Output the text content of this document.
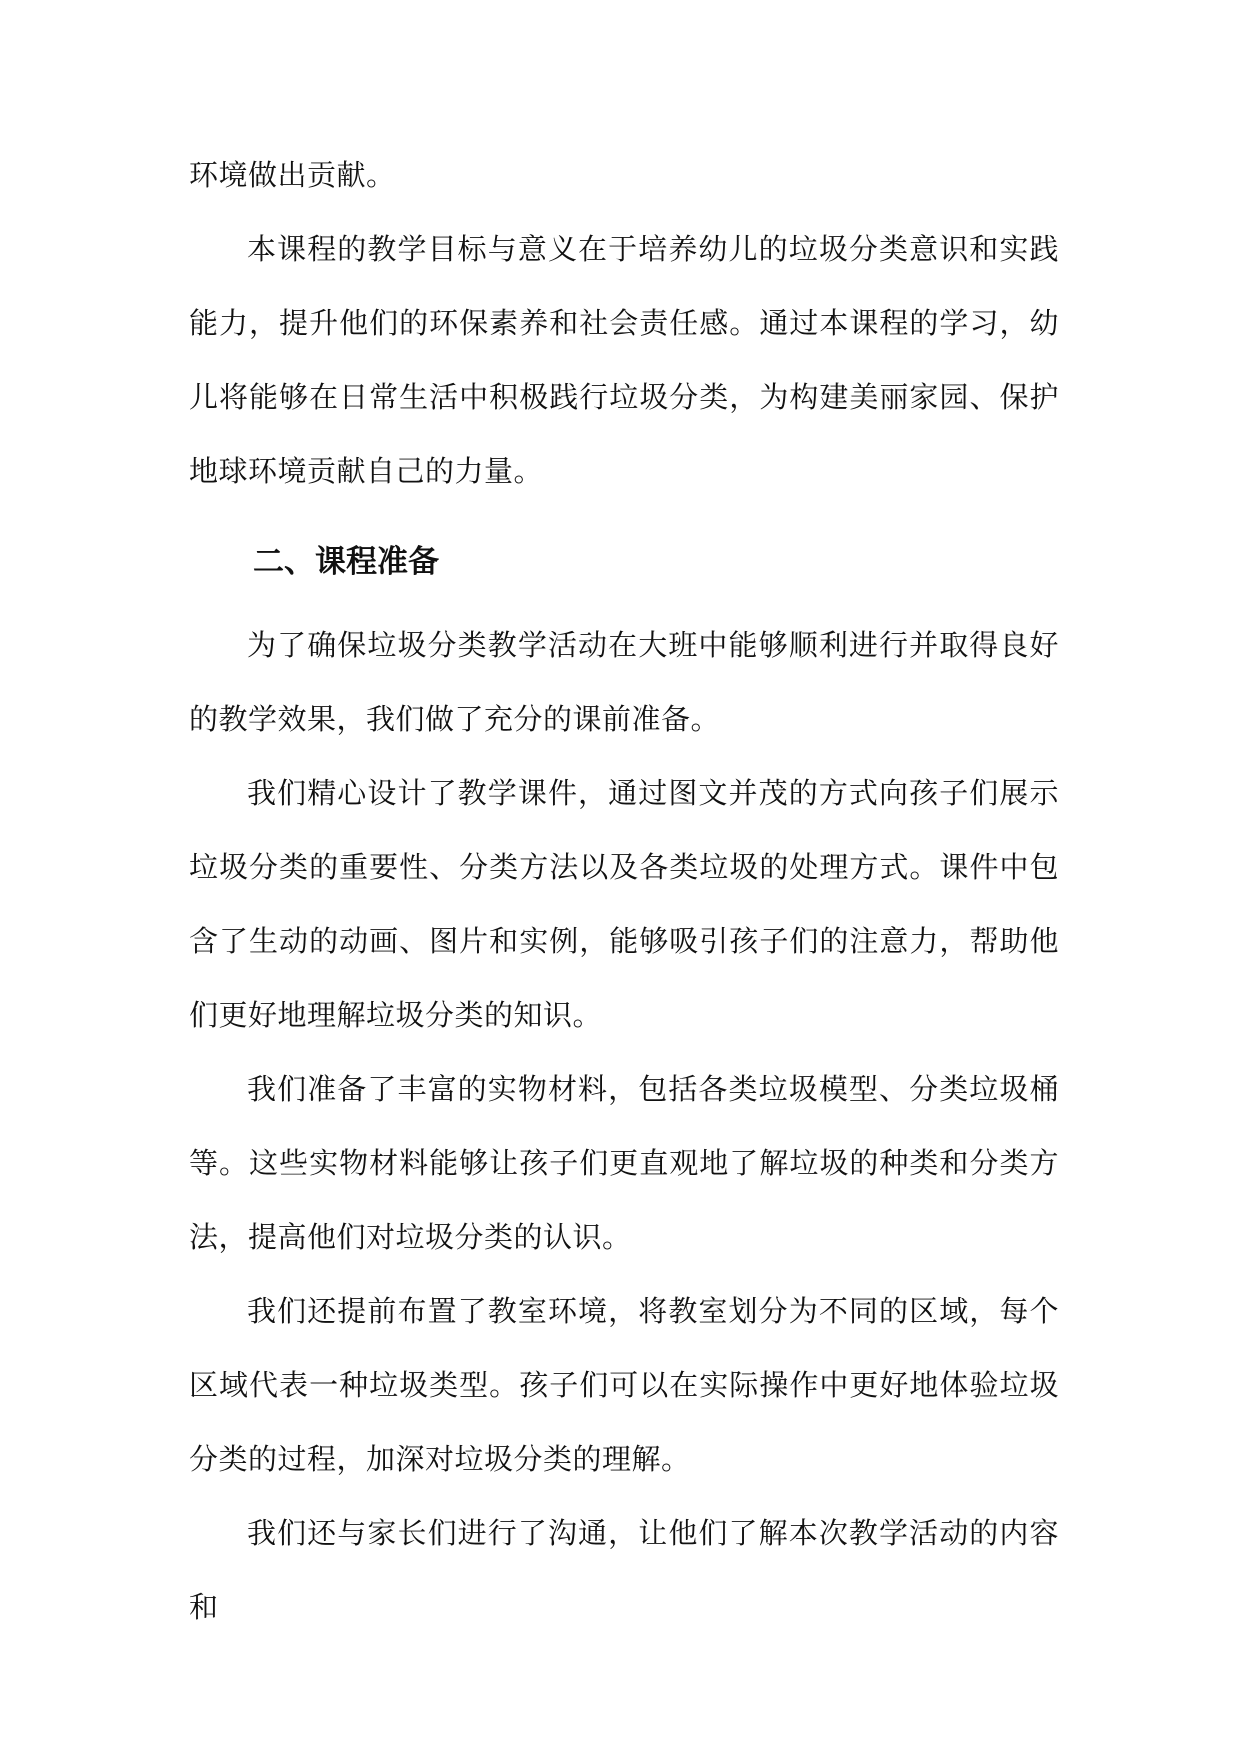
环境做出贡献。

本课程的教学目标与意义在于培养幼儿的垃圾分类意识和实践能力，提升他们的环保素养和社会责任感。通过本课程的学习，幼儿将能够在日常生活中积极践行垃圾分类，为构建美丽家园、保护地球环境贡献自己的力量。

二、课程准备

为了确保垃圾分类教学活动在大班中能够顺利进行并取得良好的教学效果，我们做了充分的课前准备。

我们精心设计了教学课件，通过图文并茂的方式向孩子们展示垃圾分类的重要性、分类方法以及各类垃圾的处理方式。课件中包含了生动的动画、图片和实例，能够吸引孩子们的注意力，帮助他们更好地理解垃圾分类的知识。

我们准备了丰富的实物材料，包括各类垃圾模型、分类垃圾桶等。这些实物材料能够让孩子们更直观地了解垃圾的种类和分类方法，提高他们对垃圾分类的认识。

我们还提前布置了教室环境，将教室划分为不同的区域，每个区域代表一种垃圾类型。孩子们可以在实际操作中更好地体验垃圾分类的过程，加深对垃圾分类的理解。

我们还与家长们进行了沟通，让他们了解本次教学活动的内容和
